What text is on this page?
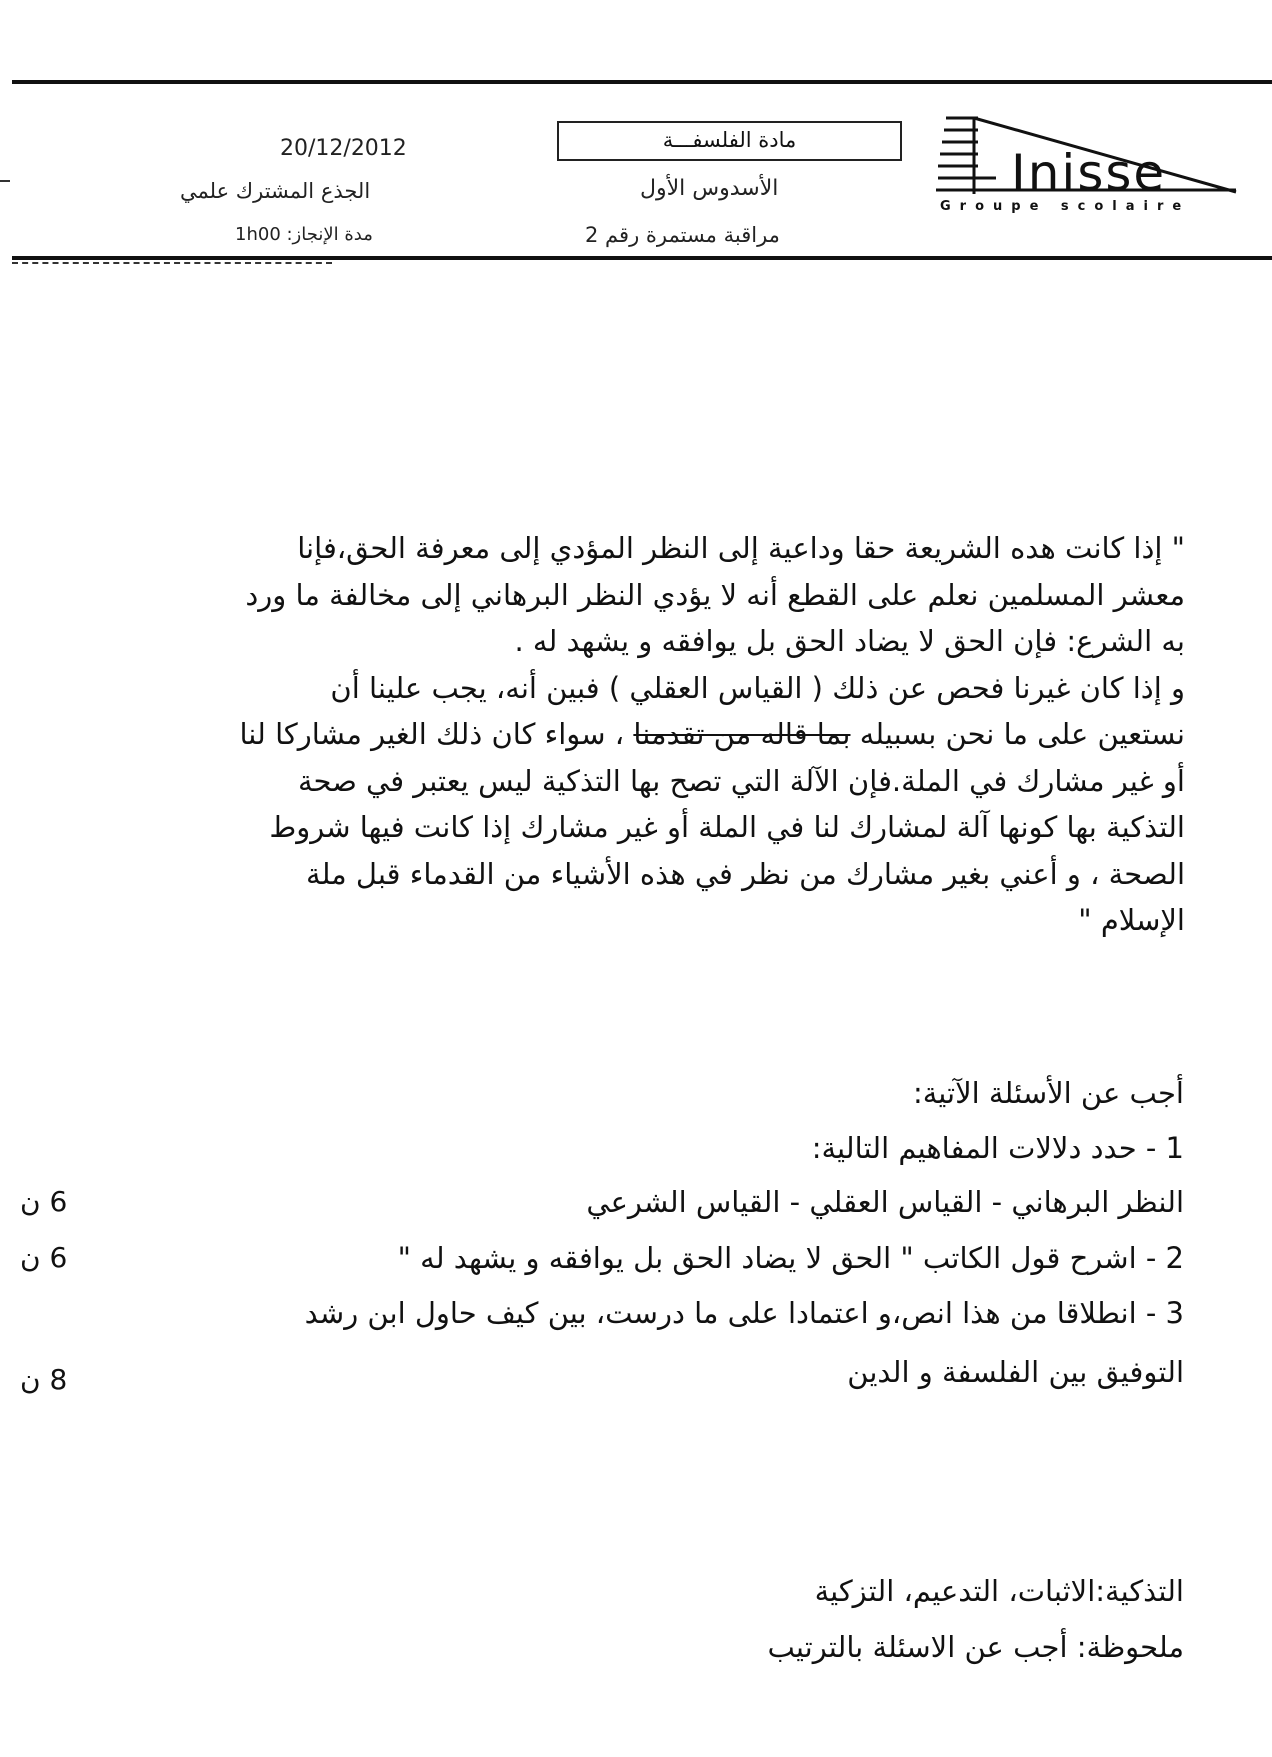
20/12/2012
الجذع المشترك علمي
مدة الإنجاز: 1h00
مادة الفلسفـــة
الأسدوس الأول
مراقبة مستمرة رقم 2
Inisse
Groupe scolaire
" إذا كانت هده الشريعة حقا وداعية إلى النظر المؤدي إلى معرفة الحق،فإنا
معشر المسلمين نعلم على القطع أنه لا يؤدي النظر البرهاني إلى مخالفة ما ورد
به الشرع: فإن الحق لا يضاد الحق بل يوافقه و يشهد له .
و إذا كان غيرنا فحص عن ذلك ( القياس العقلي ) فبين أنه، يجب علينا أن
نستعين على ما نحن بسبيله بما قاله من تقدمنا ، سواء كان ذلك الغير مشاركا لنا
أو غير مشارك في الملة.فإن الآلة التي تصح بها التذكية ليس يعتبر في صحة
التذكية بها كونها آلة لمشارك لنا في الملة أو غير مشارك إذا كانت فيها شروط
الصحة ، و أعني بغير مشارك من نظر في هذه الأشياء من القدماء قبل ملة
الإسلام "
أجب عن الأسئلة الآتية:
1 - حدد دلالات المفاهيم التالية:
النظر البرهاني - القياس العقلي - القياس الشرعي
6 ن
2 - اشرح قول الكاتب " الحق لا يضاد الحق بل يوافقه و يشهد له "
6 ن
3 - انطلاقا من هذا انص،و اعتمادا على ما درست، بين كيف حاول ابن رشد
التوفيق بين الفلسفة و الدين
8 ن
التذكية:الاثبات، التدعيم، التزكية
ملحوظة: أجب عن الاسئلة بالترتيب
